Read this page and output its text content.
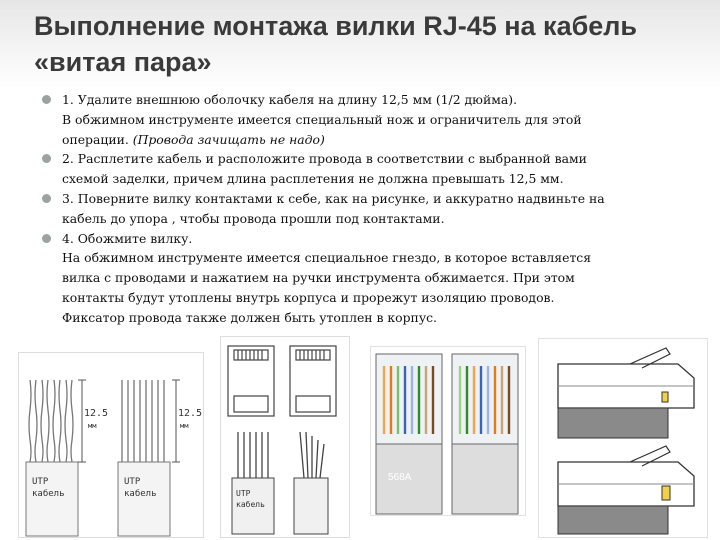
Выполнение монтажа вилки RJ-45 на кабель
«витая пара»
1. Удалите внешнюю оболочку кабеля на длину 12,5 мм (1/2 дюйма).
В обжимном инструменте имеется специальный нож и ограничитель для этой
операции. (Провода зачищать не надо)
2. Расплетите кабель и расположите провода в соответствии с выбранной вами
схемой заделки, причем длина расплетения не должна превышать 12,5 мм.
3. Поверните вилку контактами к себе, как на рисунке, и аккуратно надвиньте на
кабель до упора , чтобы провода прошли под контактами.
4. Обожмите вилку.
На обжимном инструменте имеется специальное гнездо, в которое вставляется
вилка с проводами и нажатием на ручки инструмента обжимается. При этом
контакты будут утоплены внутрь корпуса и прорежут изоляцию проводов.
Фиксатор провода также должен быть утоплен в корпус.
12.5
мм
12.5
мм
UTP
кабель
UTP
кабель	UTP
кабель
568A
